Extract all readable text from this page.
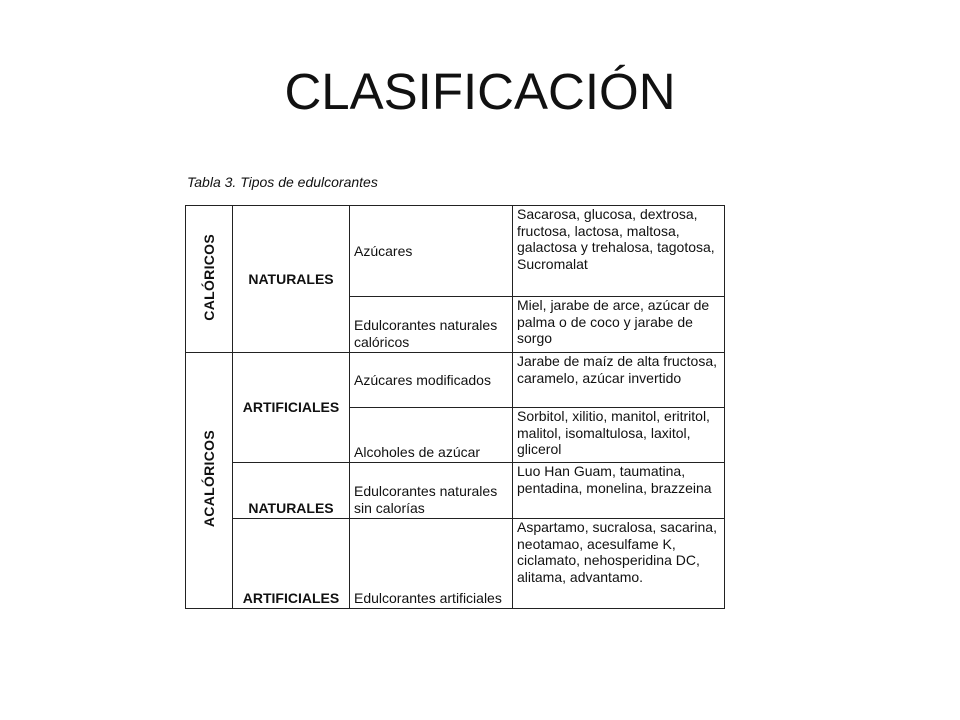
CLASIFICACIÓN
Tabla 3. Tipos de edulcorantes
CALÓRICOS	NATURALES	Azúcares	Sacarosa, glucosa, dextrosa, fructosa, lactosa, maltosa, galactosa y trehalosa, tagotosa, Sucromalat
		Edulcorantes naturales calóricos	Miel, jarabe de arce, azúcar de palma o de coco y jarabe de sorgo
ACALÓRICOS	ARTIFICIALES	Azúcares modificados	Jarabe de maíz de alta fructosa, caramelo, azúcar invertido
		Alcoholes de azúcar	Sorbitol, xilitio, manitol, eritritol, malitol, isomaltulosa, laxitol, glicerol
	NATURALES	Edulcorantes naturales sin calorías	Luo Han Guam, taumatina, pentadina, monelina, brazzeina
	ARTIFICIALES	Edulcorantes artificiales	Aspartamo, sucralosa, sacarina, neotamao, acesulfame K, ciclamato, nehosperidina DC, alitama, advantamo.
